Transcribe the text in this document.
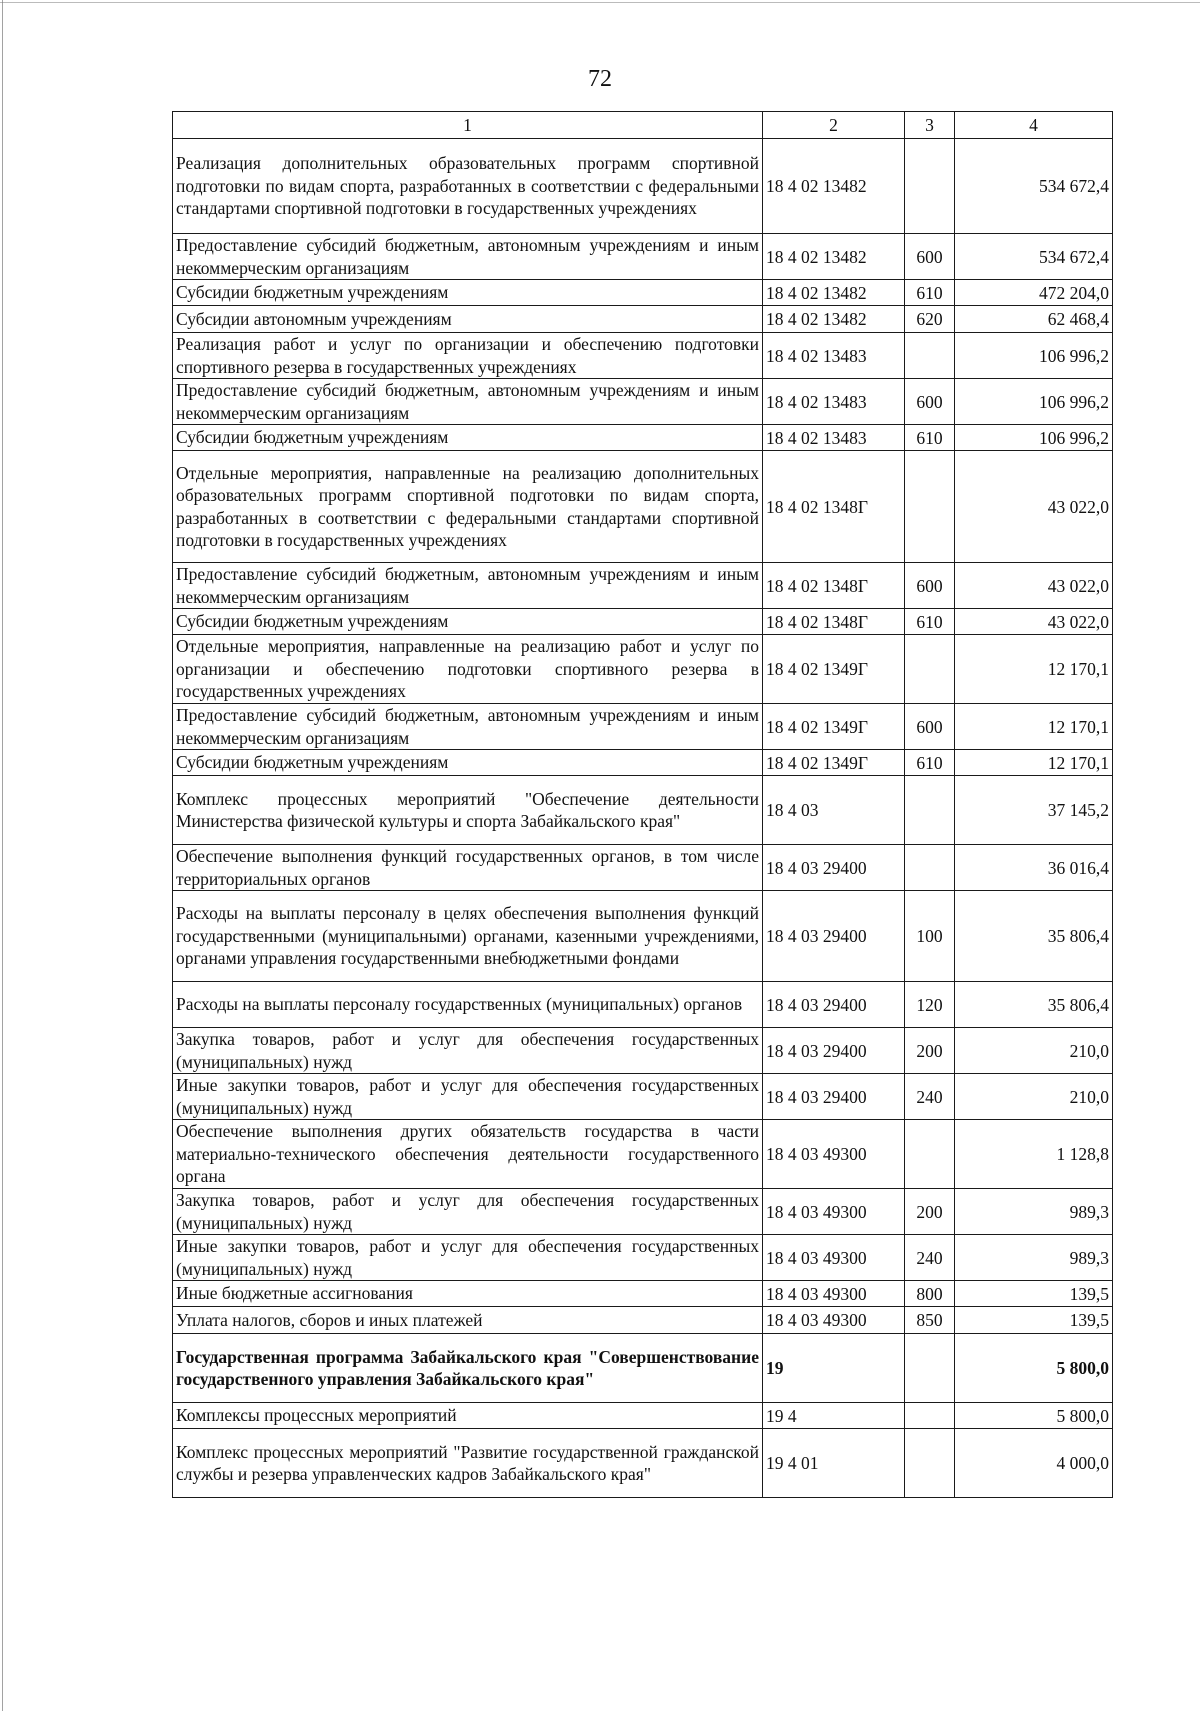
72
1	2	3	4
Реализация дополнительных образовательных программ спортивной подготовки по видам спорта, разработанных в соответствии с федеральными стандартами спортивной подготовки в государственных учреждениях	18 4 02 13482		534 672,4
Предоставление субсидий бюджетным, автономным учреждениям и иным некоммерческим организациям	18 4 02 13482	600	534 672,4
Субсидии бюджетным учреждениям	18 4 02 13482	610	472 204,0
Субсидии автономным учреждениям	18 4 02 13482	620	62 468,4
Реализация работ и услуг по организации и обеспечению подготовки спортивного резерва в государственных учреждениях	18 4 02 13483		106 996,2
Предоставление субсидий бюджетным, автономным учреждениям и иным некоммерческим организациям	18 4 02 13483	600	106 996,2
Субсидии бюджетным учреждениям	18 4 02 13483	610	106 996,2
Отдельные мероприятия, направленные на реализацию дополнительных образовательных программ спортивной подготовки по видам спорта, разработанных в соответствии с федеральными стандартами спортивной подготовки в государственных учреждениях	18 4 02 1348Г		43 022,0
Предоставление субсидий бюджетным, автономным учреждениям и иным некоммерческим организациям	18 4 02 1348Г	600	43 022,0
Субсидии бюджетным учреждениям	18 4 02 1348Г	610	43 022,0
Отдельные мероприятия, направленные на реализацию работ и услуг по организации и обеспечению подготовки спортивного резерва в государственных учреждениях	18 4 02 1349Г		12 170,1
Предоставление субсидий бюджетным, автономным учреждениям и иным некоммерческим организациям	18 4 02 1349Г	600	12 170,1
Субсидии бюджетным учреждениям	18 4 02 1349Г	610	12 170,1
Комплекс процессных мероприятий "Обеспечение деятельности Министерства физической культуры и спорта Забайкальского края"	18 4 03		37 145,2
Обеспечение выполнения функций государственных органов, в том числе территориальных органов	18 4 03 29400		36 016,4
Расходы на выплаты персоналу в целях обеспечения выполнения функций государственными (муниципальными) органами, казенными учреждениями, органами управления государственными внебюджетными фондами	18 4 03 29400	100	35 806,4
Расходы на выплаты персоналу государственных (муниципальных) органов	18 4 03 29400	120	35 806,4
Закупка товаров, работ и услуг для обеспечения государственных (муниципальных) нужд	18 4 03 29400	200	210,0
Иные закупки товаров, работ и услуг для обеспечения государственных (муниципальных) нужд	18 4 03 29400	240	210,0
Обеспечение выполнения других обязательств государства в части материально-технического обеспечения деятельности государственного органа	18 4 03 49300		1 128,8
Закупка товаров, работ и услуг для обеспечения государственных (муниципальных) нужд	18 4 03 49300	200	989,3
Иные закупки товаров, работ и услуг для обеспечения государственных (муниципальных) нужд	18 4 03 49300	240	989,3
Иные бюджетные ассигнования	18 4 03 49300	800	139,5
Уплата налогов, сборов и иных платежей	18 4 03 49300	850	139,5
Государственная программа Забайкальского края "Совершенствование государственного управления Забайкальского края"	19		5 800,0
Комплексы процессных мероприятий	19 4		5 800,0
Комплекс процессных мероприятий "Развитие государственной гражданской службы и резерва управленческих кадров Забайкальского края"	19 4 01		4 000,0
